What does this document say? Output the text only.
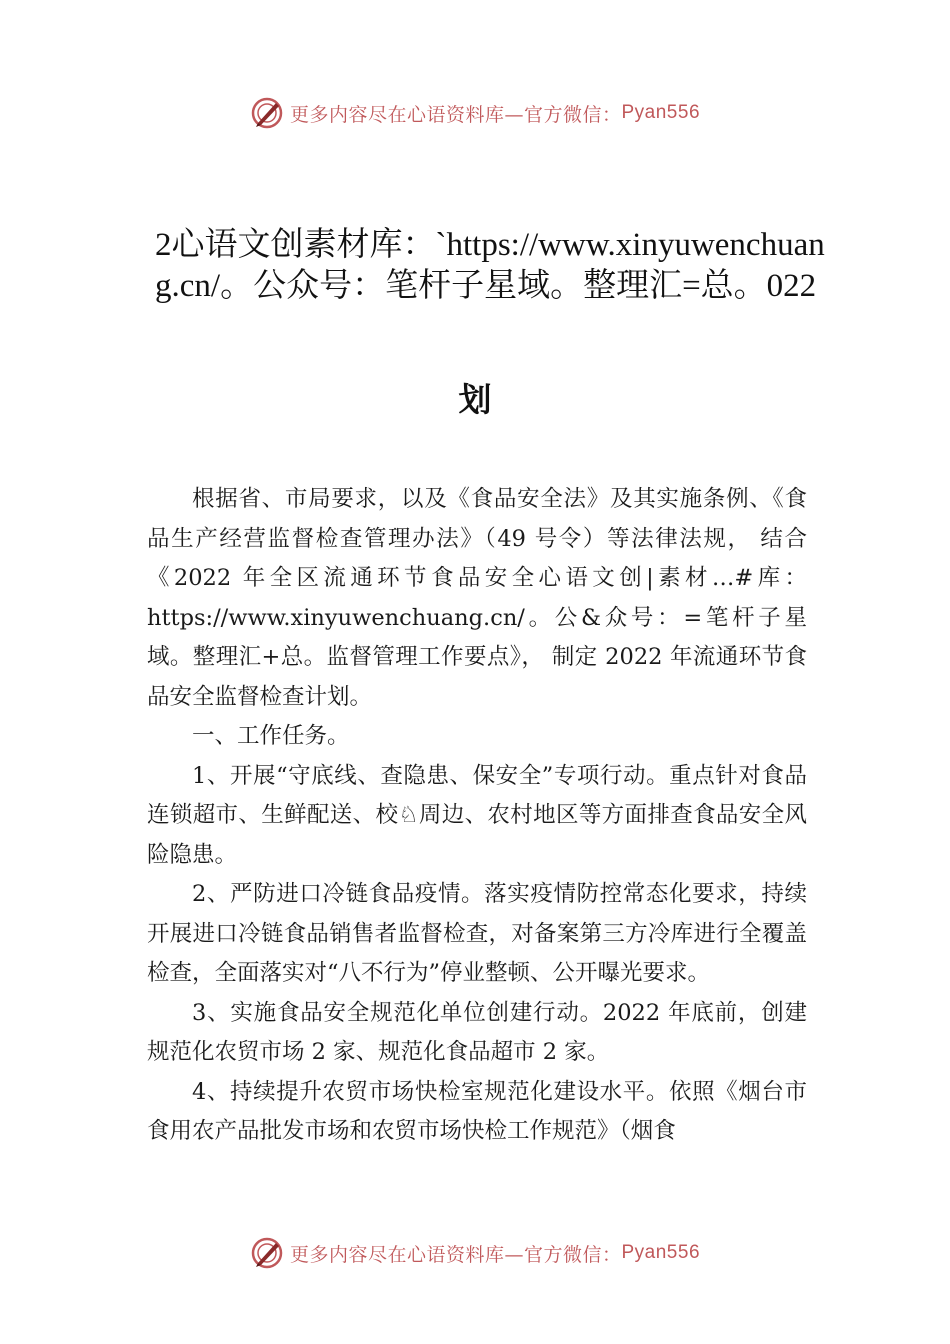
更多内容尽在心语资料库—官方微信： Pyan556
2心语文创素材库：`https://www.xinyuwenchuang.cn/。公众号：笔杆子星域。整理汇=总。022
划

根据省、市局要求，以及《食品安全法》及其实施条例、《食品生产经营监督检查管理办法》（49 号令）等法律法规， 结合《2022 年全区流通环节食品安全心语文创|素材…#库：https://www.xinyuwenchuang.cn/。公&众号：=笔杆子星域。整理汇+总。监督管理工作要点》， 制定 2022 年流通环节食品安全监督检查计划。

一、工作任务。

1、开展“守底线、查隐患、保安全”专项行动。重点针对食品连锁超市、生鲜配送、校♘周边、农村地区等方面排查食品安全风险隐患。

2、严防进口冷链食品疫情。落实疫情防控常态化要求，持续开展进口冷链食品销售者监督检查，对备案第三方冷库进行全覆盖检查，全面落实对“八不行为”停业整顿、公开曝光要求。

3、实施食品安全规范化单位创建行动。2022 年底前，创建规范化农贸市场 2 家、规范化食品超市 2 家。

4、持续提升农贸市场快检室规范化建设水平。依照《烟台市食用农产品批发市场和农贸市场快检工作规范》（烟食

更多内容尽在心语资料库—官方微信： Pyan556
